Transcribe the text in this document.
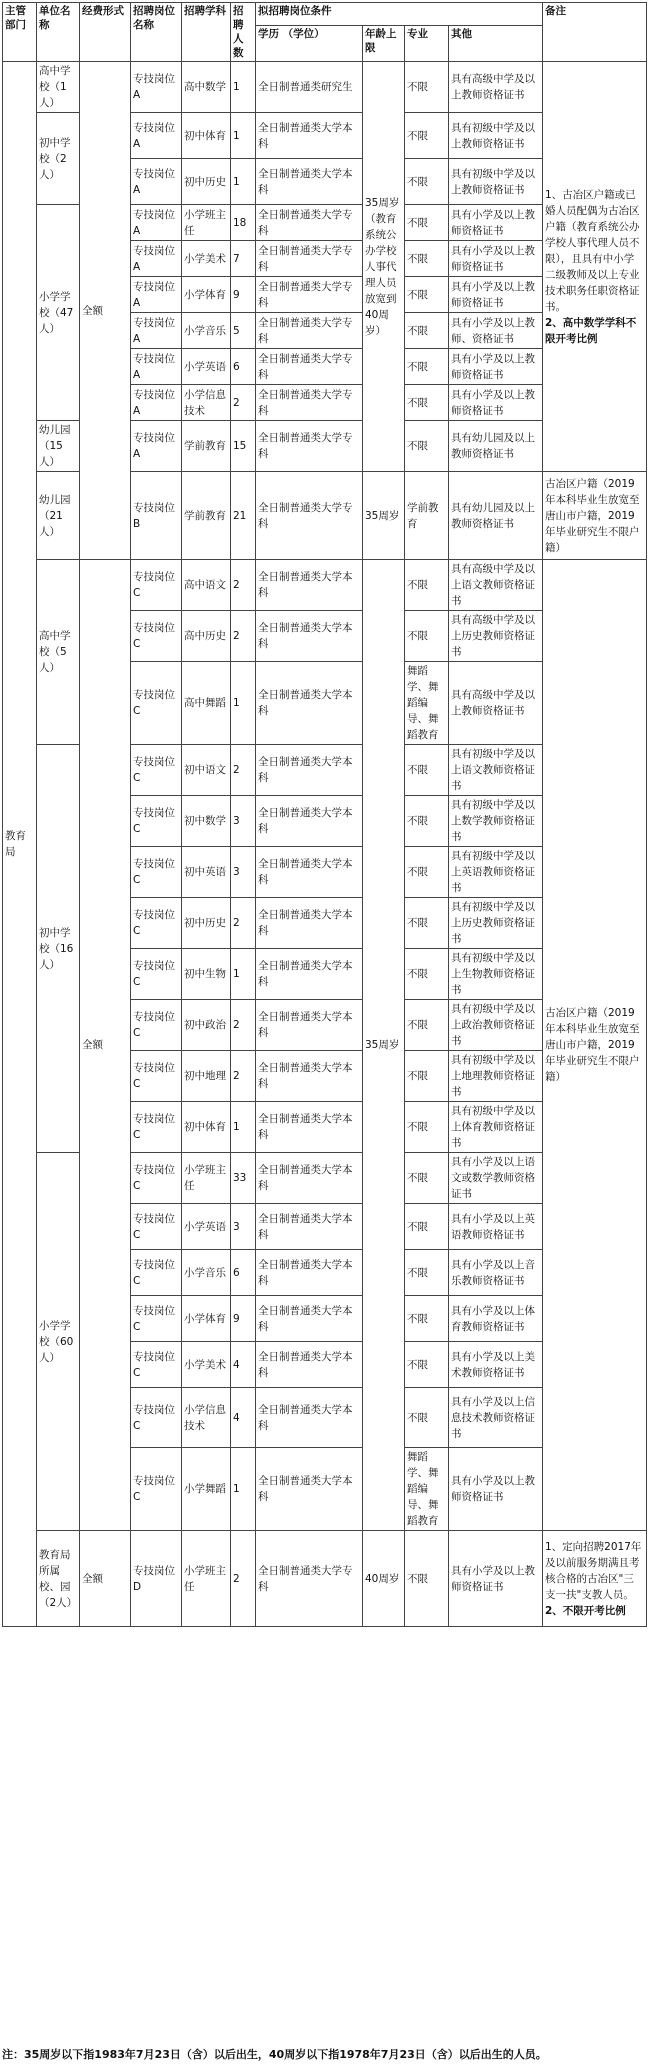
主管部门	单位名称	经费形式	招聘岗位名称	招聘学科	招聘人数	拟招聘岗位条件				备注
						学历 （学位）	年龄上限	专业	其他	
教育局	高中学校（1人）	全额	专技岗位A	高中数学	1	全日制普通类研究生	35周岁（教育系统公办学校人事代理人员放宽到40周岁）	不限	具有高级中学及以上教师资格证书	1、古冶区户籍或已婚人员配偶为古冶区户籍（教育系统公办学校人事代理人员不限），且具有中小学二级教师及以上专业技术职务任职资格证书。
2、高中数学学科不限开考比例

	初中学校（2人）		专技岗位A	初中体育	1	全日制普通类大学本科		不限	具有初级中学及以上教师资格证书	
			专技岗位A	初中历史	1	全日制普通类大学本科		不限	具有初级中学及以上教师资格证书	
	小学学校（47人）		专技岗位A	小学班主任	18	全日制普通类大学专科		不限	具有小学及以上教师资格证书	
			专技岗位A	小学美术	7	全日制普通类大学专科		不限	具有小学及以上教师资格证书	
			专技岗位A	小学体育	9	全日制普通类大学专科		不限	具有小学及以上教师资格证书	
			专技岗位A	小学音乐	5	全日制普通类大学专科		不限	具有小学及以上教师、资格证书	
			专技岗位A	小学英语	6	全日制普通类大学专科		不限	具有小学及以上教师资格证书	
			专技岗位A	小学信息技术	2	全日制普通类大学专科		不限	具有小学及以上教师资格证书	
	幼儿园（15人）		专技岗位A	学前教育	15	全日制普通类大学专科		不限	具有幼儿园及以上教师资格证书	
	幼儿园（21人）		专技岗位B	学前教育	21	全日制普通类大学专科	35周岁	学前教育	具有幼儿园及以上教师资格证书	古冶区户籍（2019年本科毕业生放宽至唐山市户籍，2019年毕业研究生不限户籍）
	高中学校（5人）	全额	专技岗位C	高中语文	2	全日制普通类大学本科	35周岁	不限	具有高级中学及以上语文教师资格证书	古冶区户籍（2019年本科毕业生放宽至唐山市户籍，2019年毕业研究生不限户籍）
			专技岗位C	高中历史	2	全日制普通类大学本科		不限	具有高级中学及以上历史教师资格证书	
			专技岗位C	高中舞蹈	1	全日制普通类大学本科		舞蹈学、舞蹈编导、舞蹈教育	具有高级中学及以上教师资格证书	
	初中学校（16人）		专技岗位C	初中语文	2	全日制普通类大学本科		不限	具有初级中学及以上语文教师资格证书	
			专技岗位C	初中数学	3	全日制普通类大学本科		不限	具有初级中学及以上数学教师资格证书	
			专技岗位C	初中英语	3	全日制普通类大学本科		不限	具有初级中学及以上英语教师资格证书	
			专技岗位C	初中历史	2	全日制普通类大学本科		不限	具有初级中学及以上历史教师资格证书	
			专技岗位C	初中生物	1	全日制普通类大学本科		不限	具有初级中学及以上生物教师资格证书	
			专技岗位C	初中政治	2	全日制普通类大学本科		不限	具有初级中学及以上政治教师资格证书	
			专技岗位C	初中地理	2	全日制普通类大学本科		不限	具有初级中学及以上地理教师资格证书	
			专技岗位C	初中体育	1	全日制普通类大学本科		不限	具有初级中学及以上体育教师资格证书	
	小学学校（60人）		专技岗位C	小学班主任	33	全日制普通类大学本科		不限	具有小学及以上语文或数学教师资格证书	
			专技岗位C	小学英语	3	全日制普通类大学本科		不限	具有小学及以上英语教师资格证书	
			专技岗位C	小学音乐	6	全日制普通类大学本科		不限	具有小学及以上音乐教师资格证书	
			专技岗位C	小学体育	9	全日制普通类大学本科		不限	具有小学及以上体育教师资格证书	
			专技岗位C	小学美术	4	全日制普通类大学本科		不限	具有小学及以上美术教师资格证书	
			专技岗位C	小学信息技术	4	全日制普通类大学本科		不限	具有小学及以上信息技术教师资格证书	
			专技岗位C	小学舞蹈	1	全日制普通类大学本科		舞蹈学、舞蹈编导、舞蹈教育	具有小学及以上教师资格证书	
	教育局所属校、园（2人）	全额	专技岗位D	小学班主任	2	全日制普通类大学专科	40周岁	不限	具有小学及以上教师资格证书	1、定向招聘2017年及以前服务期满且考核合格的古冶区"三支一扶"支教人员。
2、不限开考比例
注：35周岁以下指1983年7月23日（含）以后出生，40周岁以下指1978年7月23日（含）以后出生的人员。
